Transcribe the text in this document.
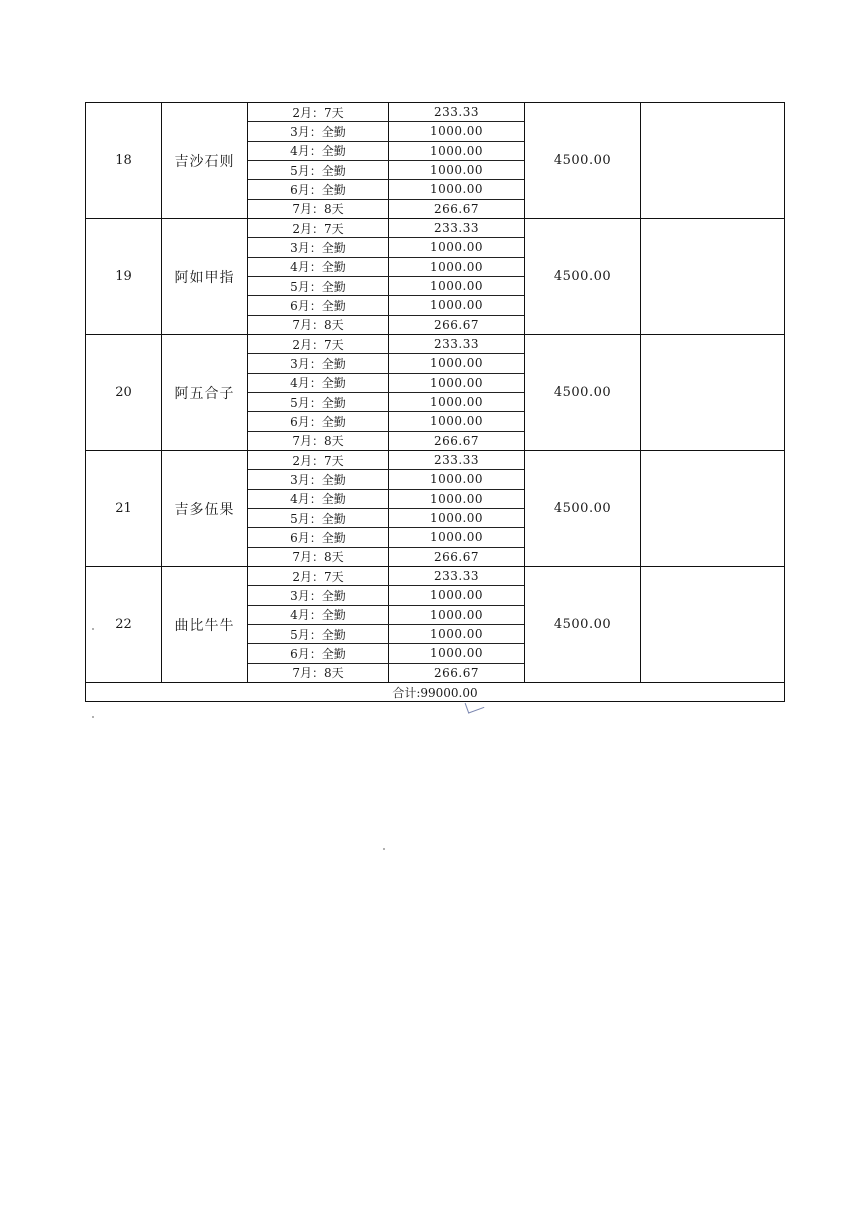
18	吉沙石则
2月：7天	233.33
3月：全勤	1000.00
4月：全勤	1000.00
5月：全勤	1000.00
6月：全勤	1000.00
7月：8天	266.67
4500.00
19	阿如甲指
2月：7天	233.33
3月：全勤	1000.00
4月：全勤	1000.00
5月：全勤	1000.00
6月：全勤	1000.00
7月：8天	266.67
4500.00
20	阿五合子
2月：7天	233.33
3月：全勤	1000.00
4月：全勤	1000.00
5月：全勤	1000.00
6月：全勤	1000.00
7月：8天	266.67
4500.00
21	吉多伍果
2月：7天	233.33
3月：全勤	1000.00
4月：全勤	1000.00
5月：全勤	1000.00
6月：全勤	1000.00
7月：8天	266.67
4500.00
22	曲比牛牛
2月：7天	233.33
3月：全勤	1000.00
4月：全勤	1000.00
5月：全勤	1000.00
6月：全勤	1000.00
7月：8天	266.67
4500.00
合计:99000.00
